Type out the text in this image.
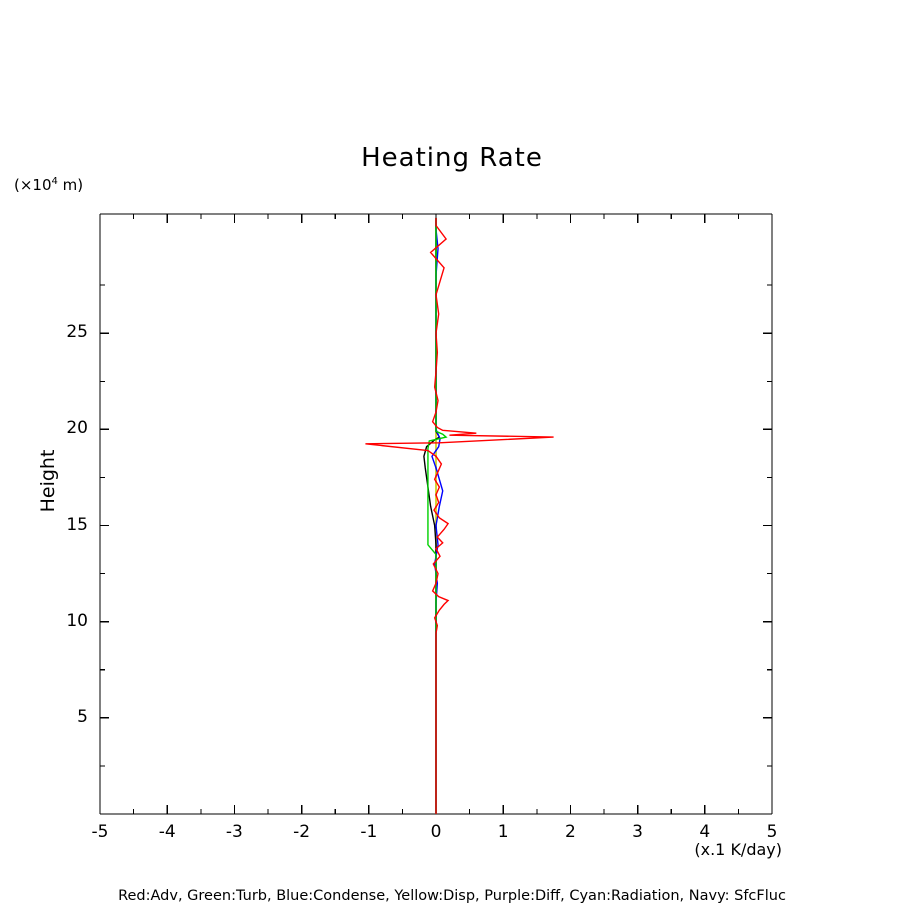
Heating Rate
($\times 10^4$ m)
Height
(x.1 K/day)
-5	-4	-3	-2	-1	0	1	2	3	4	5
5
10
15
20
25
Red:Adv, Green:Turb, Blue:Condense, Yellow:Disp, Purple:Diff, Cyan:Radiation, Navy: SfcFluc
